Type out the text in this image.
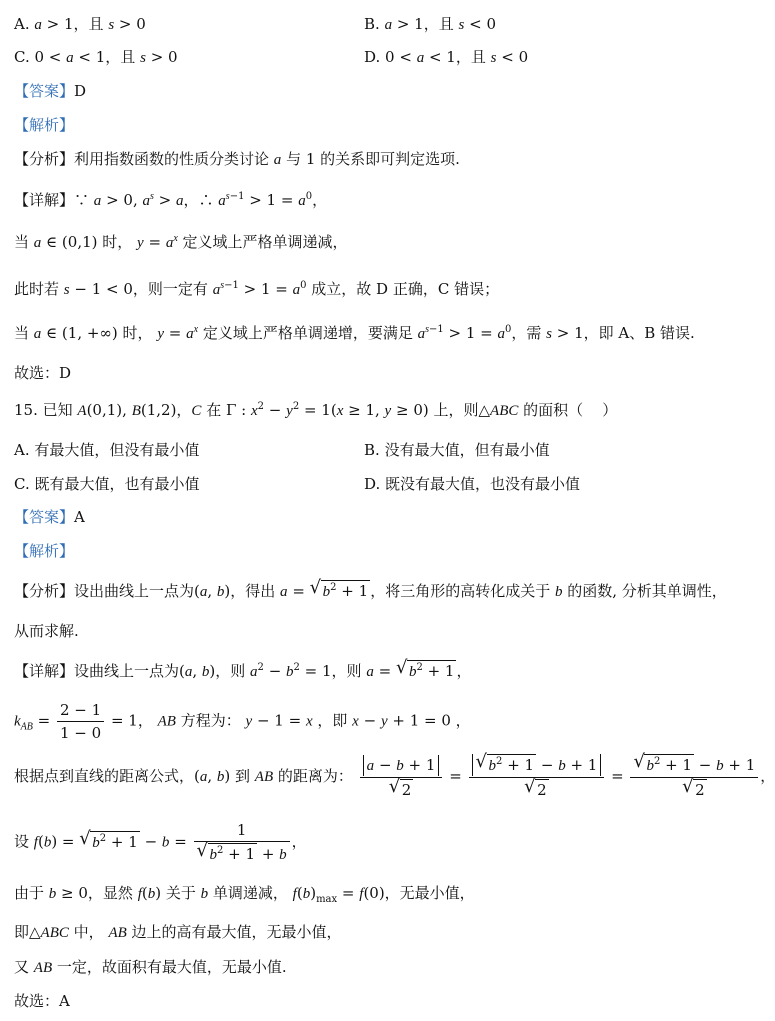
A. a > 1，且 s > 0	B. a > 1，且 s < 0
C. 0 < a < 1，且 s > 0	D. 0 < a < 1，且 s < 0
【答案】D
【解析】
【分析】利用指数函数的性质分类讨论 a 与 1 的关系即可判定选项.
【详解】∵ a > 0, $a^s > a$，∴ $a^{s-1} > 1 = a^0$，
当 a ∈ (0,1) 时， $y = a^x$ 定义域上严格单调递减，
此时若 s − 1 < 0，则一定有 $a^{s-1} > 1 = a^0$ 成立，故 D 正确，C 错误；
当 a ∈ (1, +∞) 时， $y = a^x$ 定义域上严格单调递增，要满足 $a^{s-1} > 1 = a^0$，需 s > 1，即 A、B 错误.
故选：D
15. 已知 A(0,1), B(1,2)，C 在 Γ : $x^2 - y^2 = 1(x \ge 1$, y ≥ 0) 上，则△ABC 的面积（    ）
A. 有最大值，但没有最小值	B. 没有最大值，但有最小值
C. 既有最大值，也有最小值	D. 既没有最大值，也没有最小值
【答案】A
【解析】
【分析】设出曲线上一点为(a, b)，得出 a = √ $b^2 + 1$ ，将三角形的高转化成关于 b 的函数, 分析其单调性，
从而求解.
【详解】设曲线上一点为(a, b)，则 $a^2 - b^2 = 1$，则 a = √ $b^2 + 1$ ，
$k_{AB} = \frac{2 - 1}{1 - 0} = 1$， AB 方程为： y − 1 = x ，即 x − y + 1 = 0 ，
根据点到直线的距离公式，(a, b) 到 AB 的距离为： a − b + 1
√ 2 = √ $b^2 + 1 - b + 1$
√ 2 = √ $b^2 + 1 - b + 1$
√ 2 ，
设 f(b) = √ $b^2 + 1 - b = 1$
√ $b^2 + 1 + b$ ，
由于 b ≥ 0，显然 f(b) 关于 b 单调递减， $f(b)_{max} = f(0)$，无最小值，
即△ABC 中， AB 边上的高有最大值，无最小值，
又 AB 一定，故面积有最大值，无最小值.
故选：A
